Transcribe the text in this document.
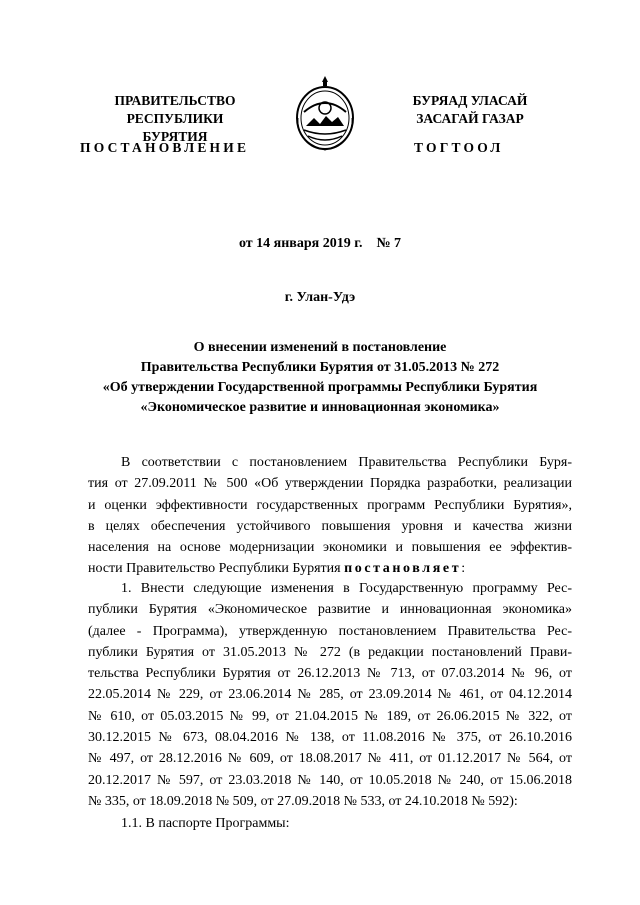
ПРАВИТЕЛЬСТВО
РЕСПУБЛИКИ БУРЯТИЯ
БУРЯАД УЛАСАЙ
ЗАСАГАЙ ГАЗАР
ПОСТАНОВЛЕНИЕ	ТОГТООЛ
от 14 января 2019 г.    № 7
г. Улан-Удэ
О внесении изменений в постановление
Правительства Республики Бурятия от 31.05.2013 № 272
«Об утверждении Государственной программы Республики Бурятия
«Экономическое развитие и инновационная экономика»
В соответствии с постановлением Правительства Республики Буря-
тия от 27.09.2011 № 500 «Об утверждении Порядка разработки, реализации
и оценки эффективности государственных программ Республики Бурятия»,
в целях обеспечения устойчивого повышения уровня и качества жизни
населения на основе модернизации экономики и повышения ее эффектив-
ности Правительство Республики Бурятия постановляет:
1. Внести следующие изменения в Государственную программу Рес-
публики Бурятия «Экономическое развитие и инновационная экономика»
(далее - Программа), утвержденную постановлением Правительства Рес-
публики Бурятия от 31.05.2013 № 272 (в редакции постановлений Прави-
тельства Республики Бурятия от 26.12.2013 № 713, от 07.03.2014 № 96, от
22.05.2014 № 229, от 23.06.2014 № 285, от 23.09.2014 № 461, от 04.12.2014
№ 610, от 05.03.2015 № 99, от 21.04.2015 № 189, от 26.06.2015 № 322, от
30.12.2015 № 673, 08.04.2016 № 138, от 11.08.2016 № 375, от 26.10.2016
№ 497, от 28.12.2016 № 609, от 18.08.2017 № 411, от 01.12.2017 № 564, от
20.12.2017 № 597, от 23.03.2018 № 140, от 10.05.2018 № 240, от 15.06.2018
№ 335, от 18.09.2018 № 509, от 27.09.2018 № 533, от 24.10.2018 № 592):
1.1. В паспорте Программы:
